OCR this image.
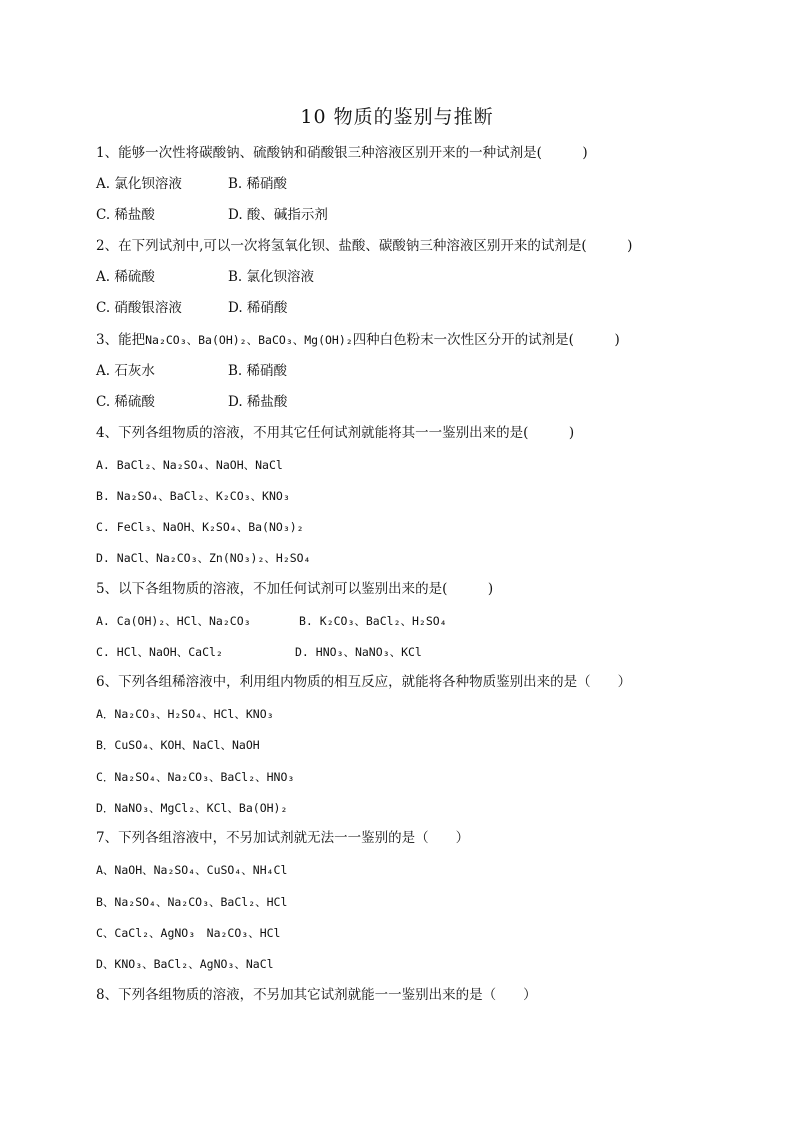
10 物质的鉴别与推断
1、能够一次性将碳酸钠、硫酸钠和硝酸银三种溶液区别开来的一种试剂是(　　　)
A. 氯化钡溶液	B. 稀硝酸
C. 稀盐酸	D. 酸、碱指示剂
2、在下列试剂中,可以一次将氢氧化钡、盐酸、碳酸钠三种溶液区别开来的试剂是(　　　)
A. 稀硫酸	B. 氯化钡溶液
C. 硝酸银溶液	D. 稀硝酸
3、能把Na₂CO₃、Ba(OH)₂、BaCO₃、Mg(OH)₂四种白色粉末一次性区分开的试剂是(　　　)
A. 石灰水	B. 稀硝酸
C. 稀硫酸	D. 稀盐酸
4、下列各组物质的溶液，不用其它任何试剂就能将其一一鉴别出来的是(　　　)
A. BaCl₂、Na₂SO₄、NaOH、NaCl
B. Na₂SO₄、BaCl₂、K₂CO₃、KNO₃
C. FeCl₃、NaOH、K₂SO₄、Ba(NO₃)₂
D. NaCl、Na₂CO₃、Zn(NO₃)₂、H₂SO₄
5、以下各组物质的溶液，不加任何试剂可以鉴别出来的是(　　　)
A. Ca(OH)₂、HCl、Na₂CO₃	B. K₂CO₃、BaCl₂、H₂SO₄
C. HCl、NaOH、CaCl₂	D. HNO₃、NaNO₃、KCl
6、下列各组稀溶液中，利用组内物质的相互反应，就能将各种物质鉴别出来的是（　　）
A．Na₂CO₃、H₂SO₄、HCl、KNO₃
B．CuSO₄、KOH、NaCl、NaOH
C．Na₂SO₄、Na₂CO₃、BaCl₂、HNO₃
D．NaNO₃、MgCl₂、KCl、Ba(OH)₂
7、下列各组溶液中，不另加试剂就无法一一鉴别的是（　　）
A、NaOH、Na₂SO₄、CuSO₄、NH₄Cl
B、Na₂SO₄、Na₂CO₃、BaCl₂、HCl
C、CaCl₂、AgNO₃　Na₂CO₃、HCl
D、KNO₃、BaCl₂、AgNO₃、NaCl
8、下列各组物质的溶液，不另加其它试剂就能一一鉴别出来的是（　　）
